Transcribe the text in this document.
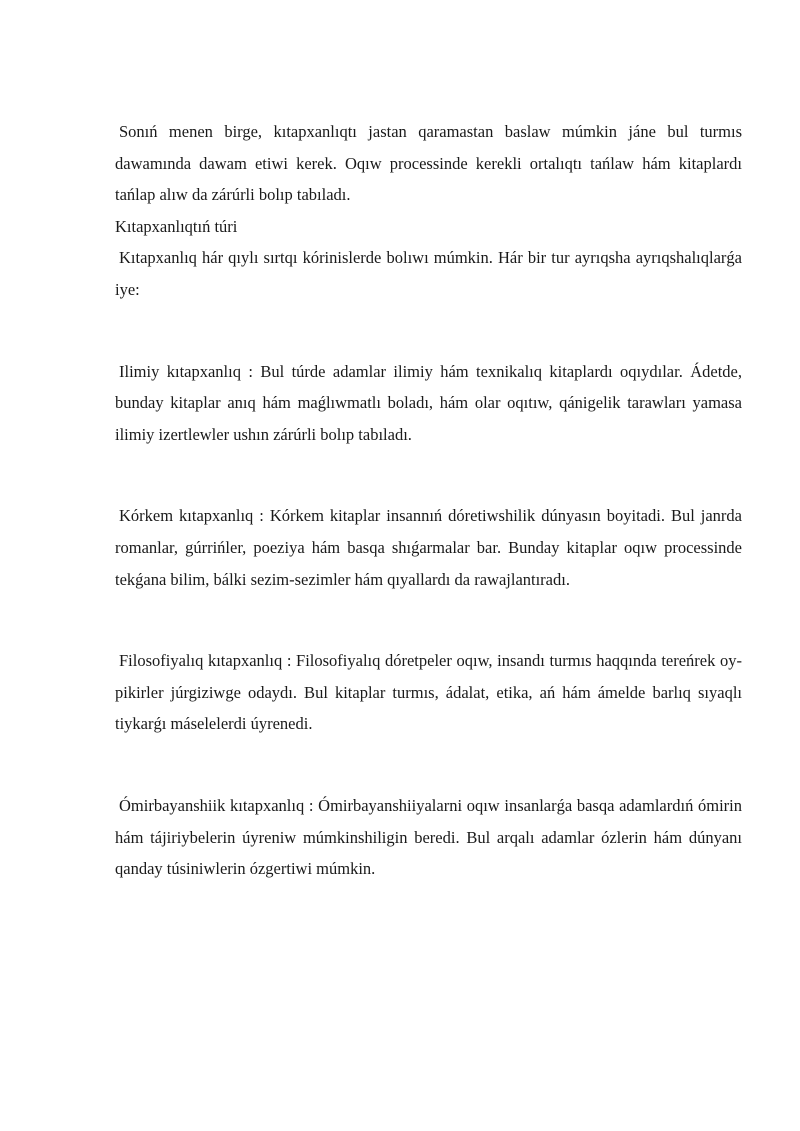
Sonıń menen birge, kıtapxanlıqtı jastan qaramastan baslaw múmkin jáne bul turmıs dawamında dawam etiwi kerek. Oqıw processinde kerekli ortalıqtı tańlaw hám kitaplardı tańlap alıw da zárúrli bolıp tabıladı.

Kıtapxanlıqtıń túri

Kıtapxanlıq hár qıylı sırtqı kórinislerde bolıwı múmkin. Hár bir tur ayrıqsha ayrıqshalıqlarǵa iye:

Ilimiy kıtapxanlıq : Bul túrde adamlar ilimiy hám texnikalıq kitaplardı oqıydılar. Ádetde, bunday kitaplar anıq hám maǵlıwmatlı boladı, hám olar oqıtıw, qánigelik tarawları yamasa ilimiy izertlewler ushın zárúrli bolıp tabıladı.

Kórkem kıtapxanlıq : Kórkem kitaplar insannıń dóretiwshilik dúnyasın boyitadi. Bul janrda romanlar, gúrrińler, poeziya hám basqa shıǵarmalar bar. Bunday kitaplar oqıw processinde tekǵana bilim, bálki sezim-sezimler hám qıyallardı da rawajlantıradı.

Filosofiyalıq kıtapxanlıq : Filosofiyalıq dóretpeler oqıw, insandı turmıs haqqında tereńrek oy-pikirler júrgiziwge odaydı. Bul kitaplar turmıs, ádalat, etika, ań hám ámelde barlıq sıyaqlı tiykarǵı máselelerdi úyrenedi.

Ómirbayanshiik kıtapxanlıq : Ómirbayanshiiyalarni oqıw insanlarǵa basqa adamlardıń ómirin hám tájiriybelerin úyreniw múmkinshiligin beredi. Bul arqalı adamlar ózlerin hám dúnyanı qanday túsiniwlerin ózgertiwi múmkin.
